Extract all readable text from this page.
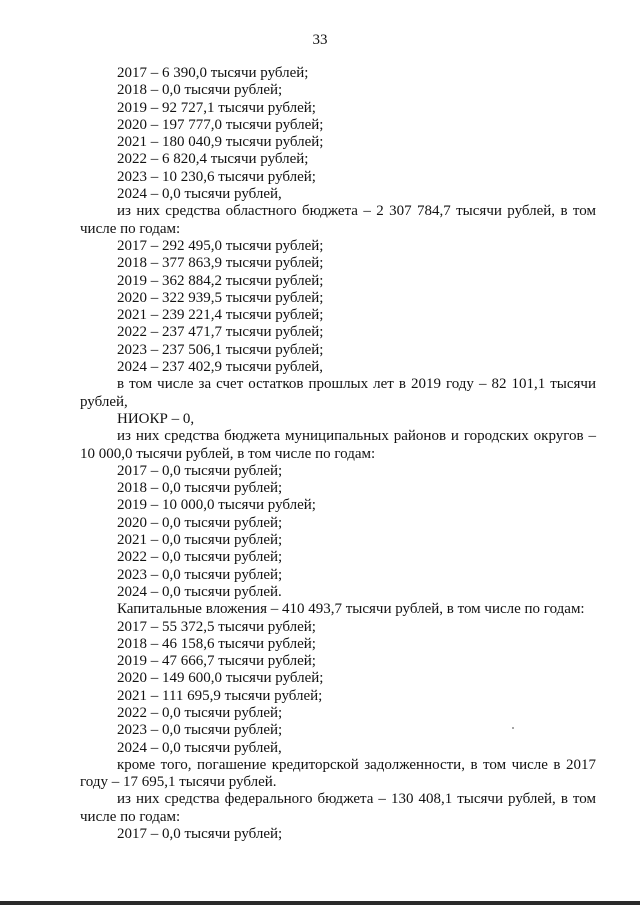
33
2017 – 6 390,0 тысячи рублей;
2018 – 0,0 тысячи рублей;
2019 – 92 727,1 тысячи рублей;
2020 – 197 777,0 тысячи рублей;
2021 – 180 040,9 тысячи рублей;
2022 – 6 820,4 тысячи рублей;
2023 – 10 230,6 тысячи рублей;
2024 – 0,0 тысячи рублей,
из них средства областного бюджета – 2 307 784,7 тысячи рублей, в том
числе по годам:
2017 – 292 495,0 тысячи рублей;
2018 – 377 863,9 тысячи рублей;
2019 – 362 884,2 тысячи рублей;
2020 – 322 939,5 тысячи рублей;
2021 – 239 221,4 тысячи рублей;
2022 – 237 471,7 тысячи рублей;
2023 – 237 506,1 тысячи рублей;
2024 – 237 402,9 тысячи рублей,
в том числе за счет остатков прошлых лет в 2019 году – 82 101,1 тысячи
рублей,
НИОКР – 0,
из них средства бюджета муниципальных районов и городских округов –
10 000,0 тысячи рублей, в том числе по годам:
2017 – 0,0 тысячи рублей;
2018 – 0,0 тысячи рублей;
2019 – 10 000,0 тысячи рублей;
2020 – 0,0 тысячи рублей;
2021 – 0,0 тысячи рублей;
2022 – 0,0 тысячи рублей;
2023 – 0,0 тысячи рублей;
2024 – 0,0 тысячи рублей.
Капитальные вложения – 410 493,7 тысячи рублей, в том числе по годам:
2017 – 55 372,5 тысячи рублей;
2018 – 46 158,6 тысячи рублей;
2019 – 47 666,7 тысячи рублей;
2020 – 149 600,0 тысячи рублей;
2021 – 111 695,9 тысячи рублей;
2022 – 0,0 тысячи рублей;
2023 – 0,0 тысячи рублей;
2024 – 0,0 тысячи рублей,
кроме того, погашение кредиторской задолженности, в том числе в 2017
году – 17 695,1 тысячи рублей.
из них средства федерального бюджета – 130 408,1 тысячи рублей, в том
числе по годам:
2017 – 0,0 тысячи рублей;
